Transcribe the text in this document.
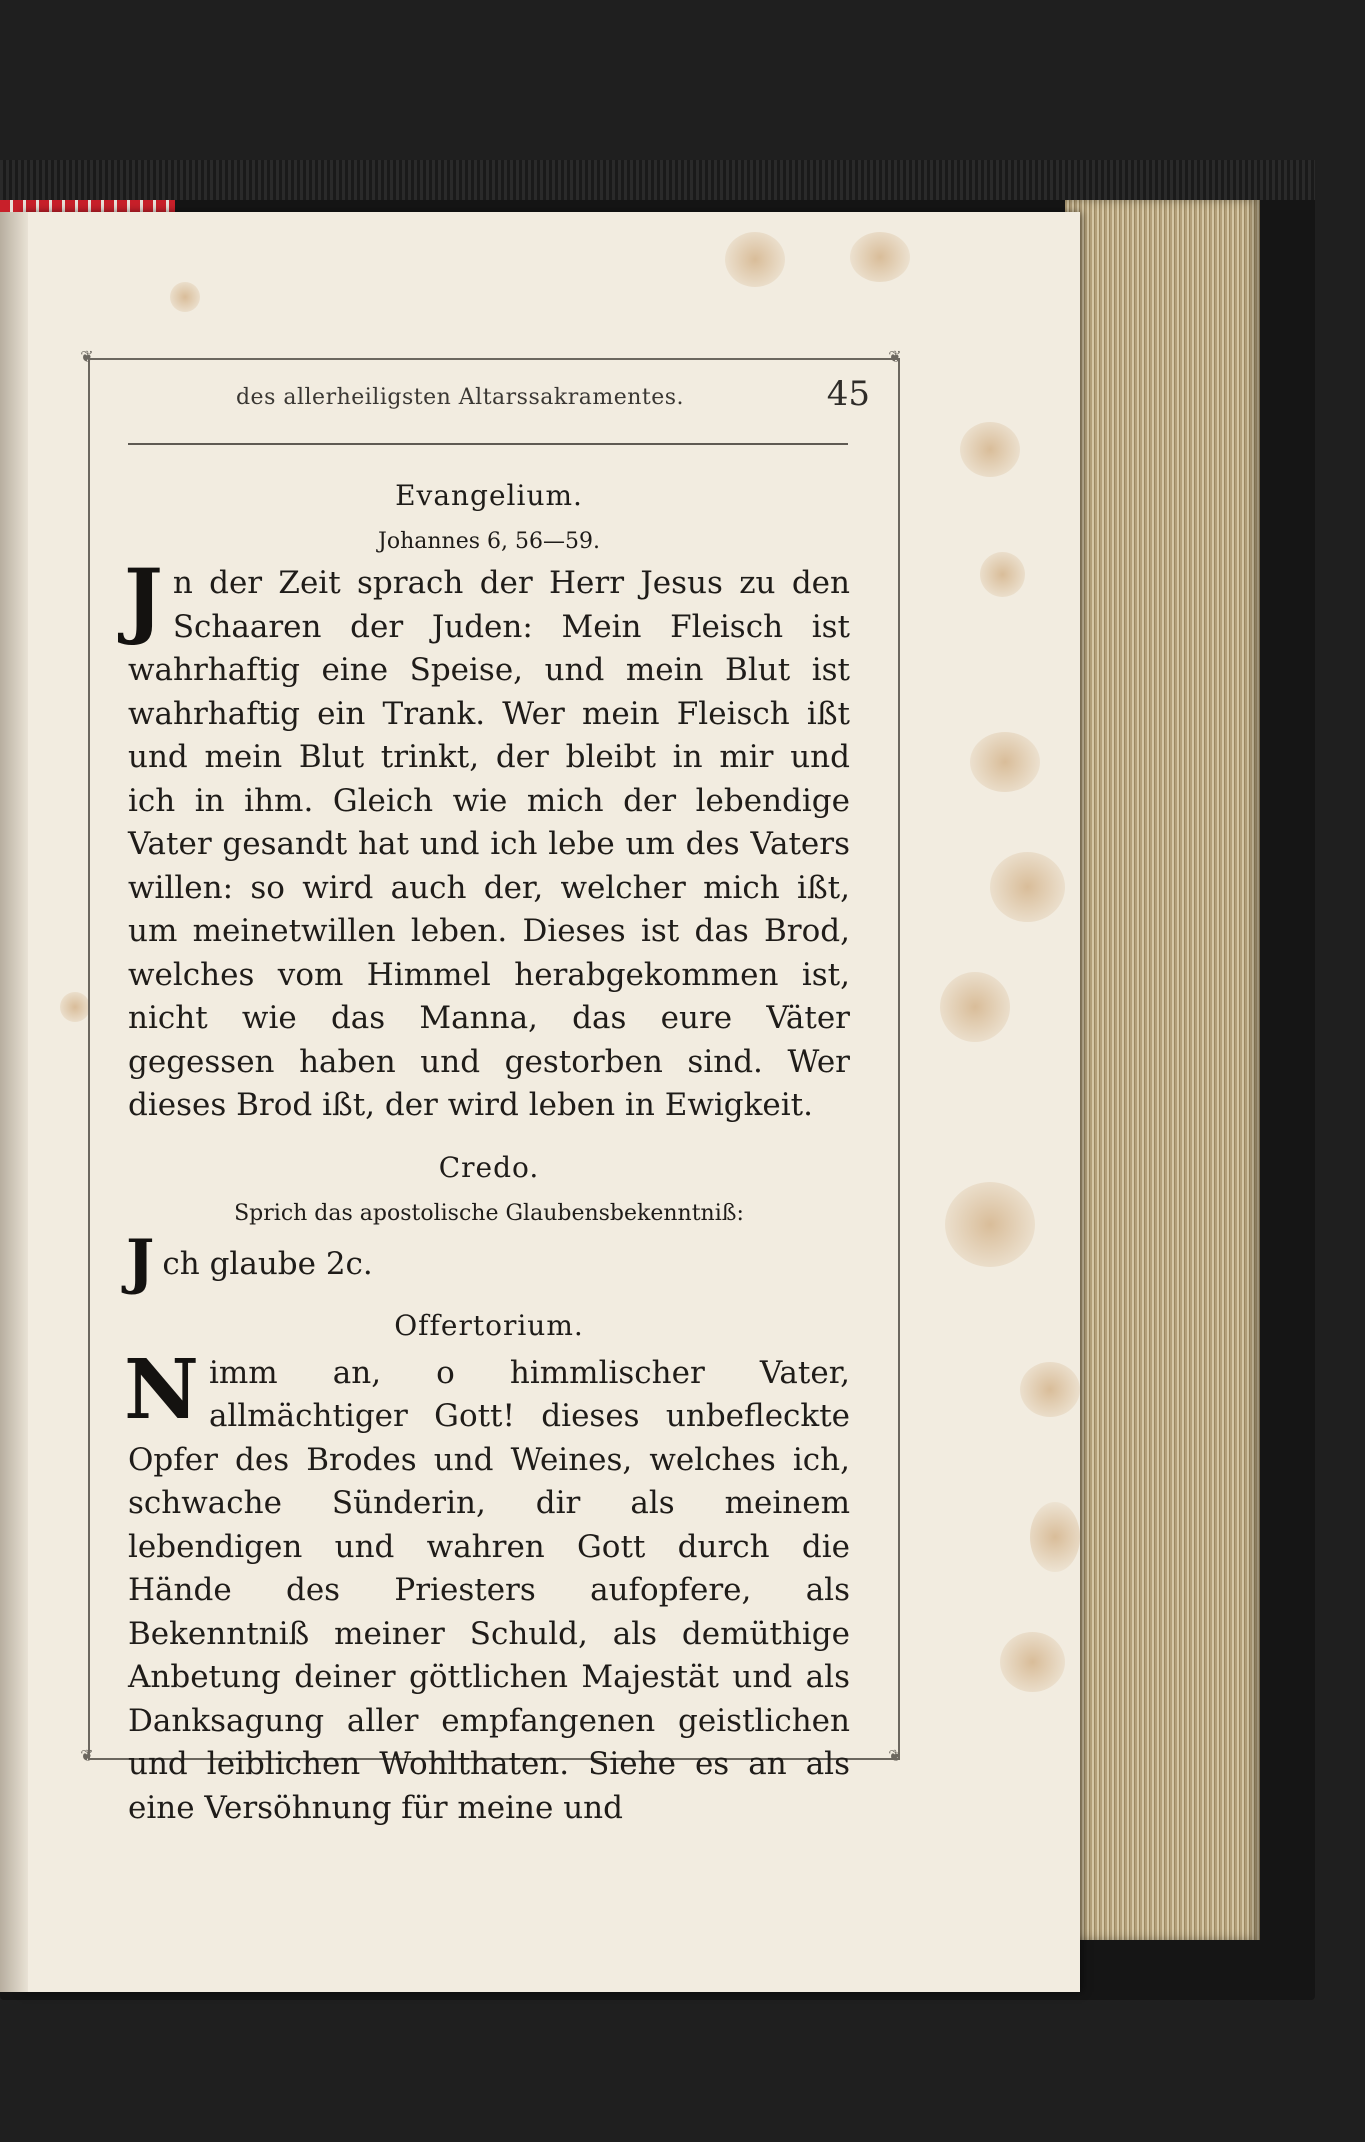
❦	❦
❦	❦
des allerheiligsten Altarssakramentes.	45

Evangelium.

Johannes 6, 56—59.

Jn der Zeit sprach der Herr Jesus zu den Schaaren der Juden: Mein Fleisch ist wahrhaftig eine Speise, und mein Blut ist wahrhaftig ein Trank. Wer mein Fleisch ißt und mein Blut trinkt, der bleibt in mir und ich in ihm. Gleich wie mich der lebendige Vater gesandt hat und ich lebe um des Vaters willen: so wird auch der, welcher mich ißt, um meinetwillen leben. Dieses ist das Brod, welches vom Himmel herabgekommen ist, nicht wie das Manna, das eure Väter gegessen haben und gestorben sind. Wer dieses Brod ißt, der wird leben in Ewigkeit.

Credo.

Sprich das apostolische Glaubensbekenntniß:

Jch glaube 2c.

Offertorium.

Nimm an, o himmlischer Vater, allmächtiger Gott! dieses unbefleckte Opfer des Brodes und Weines, welches ich, schwache Sünderin, dir als meinem lebendigen und wahren Gott durch die Hände des Priesters aufopfere, als Bekenntniß meiner Schuld, als demüthige Anbetung deiner göttlichen Majestät und als Danksagung aller empfangenen geistlichen und leiblichen Wohlthaten. Siehe es an als eine Versöhnung für meine und
